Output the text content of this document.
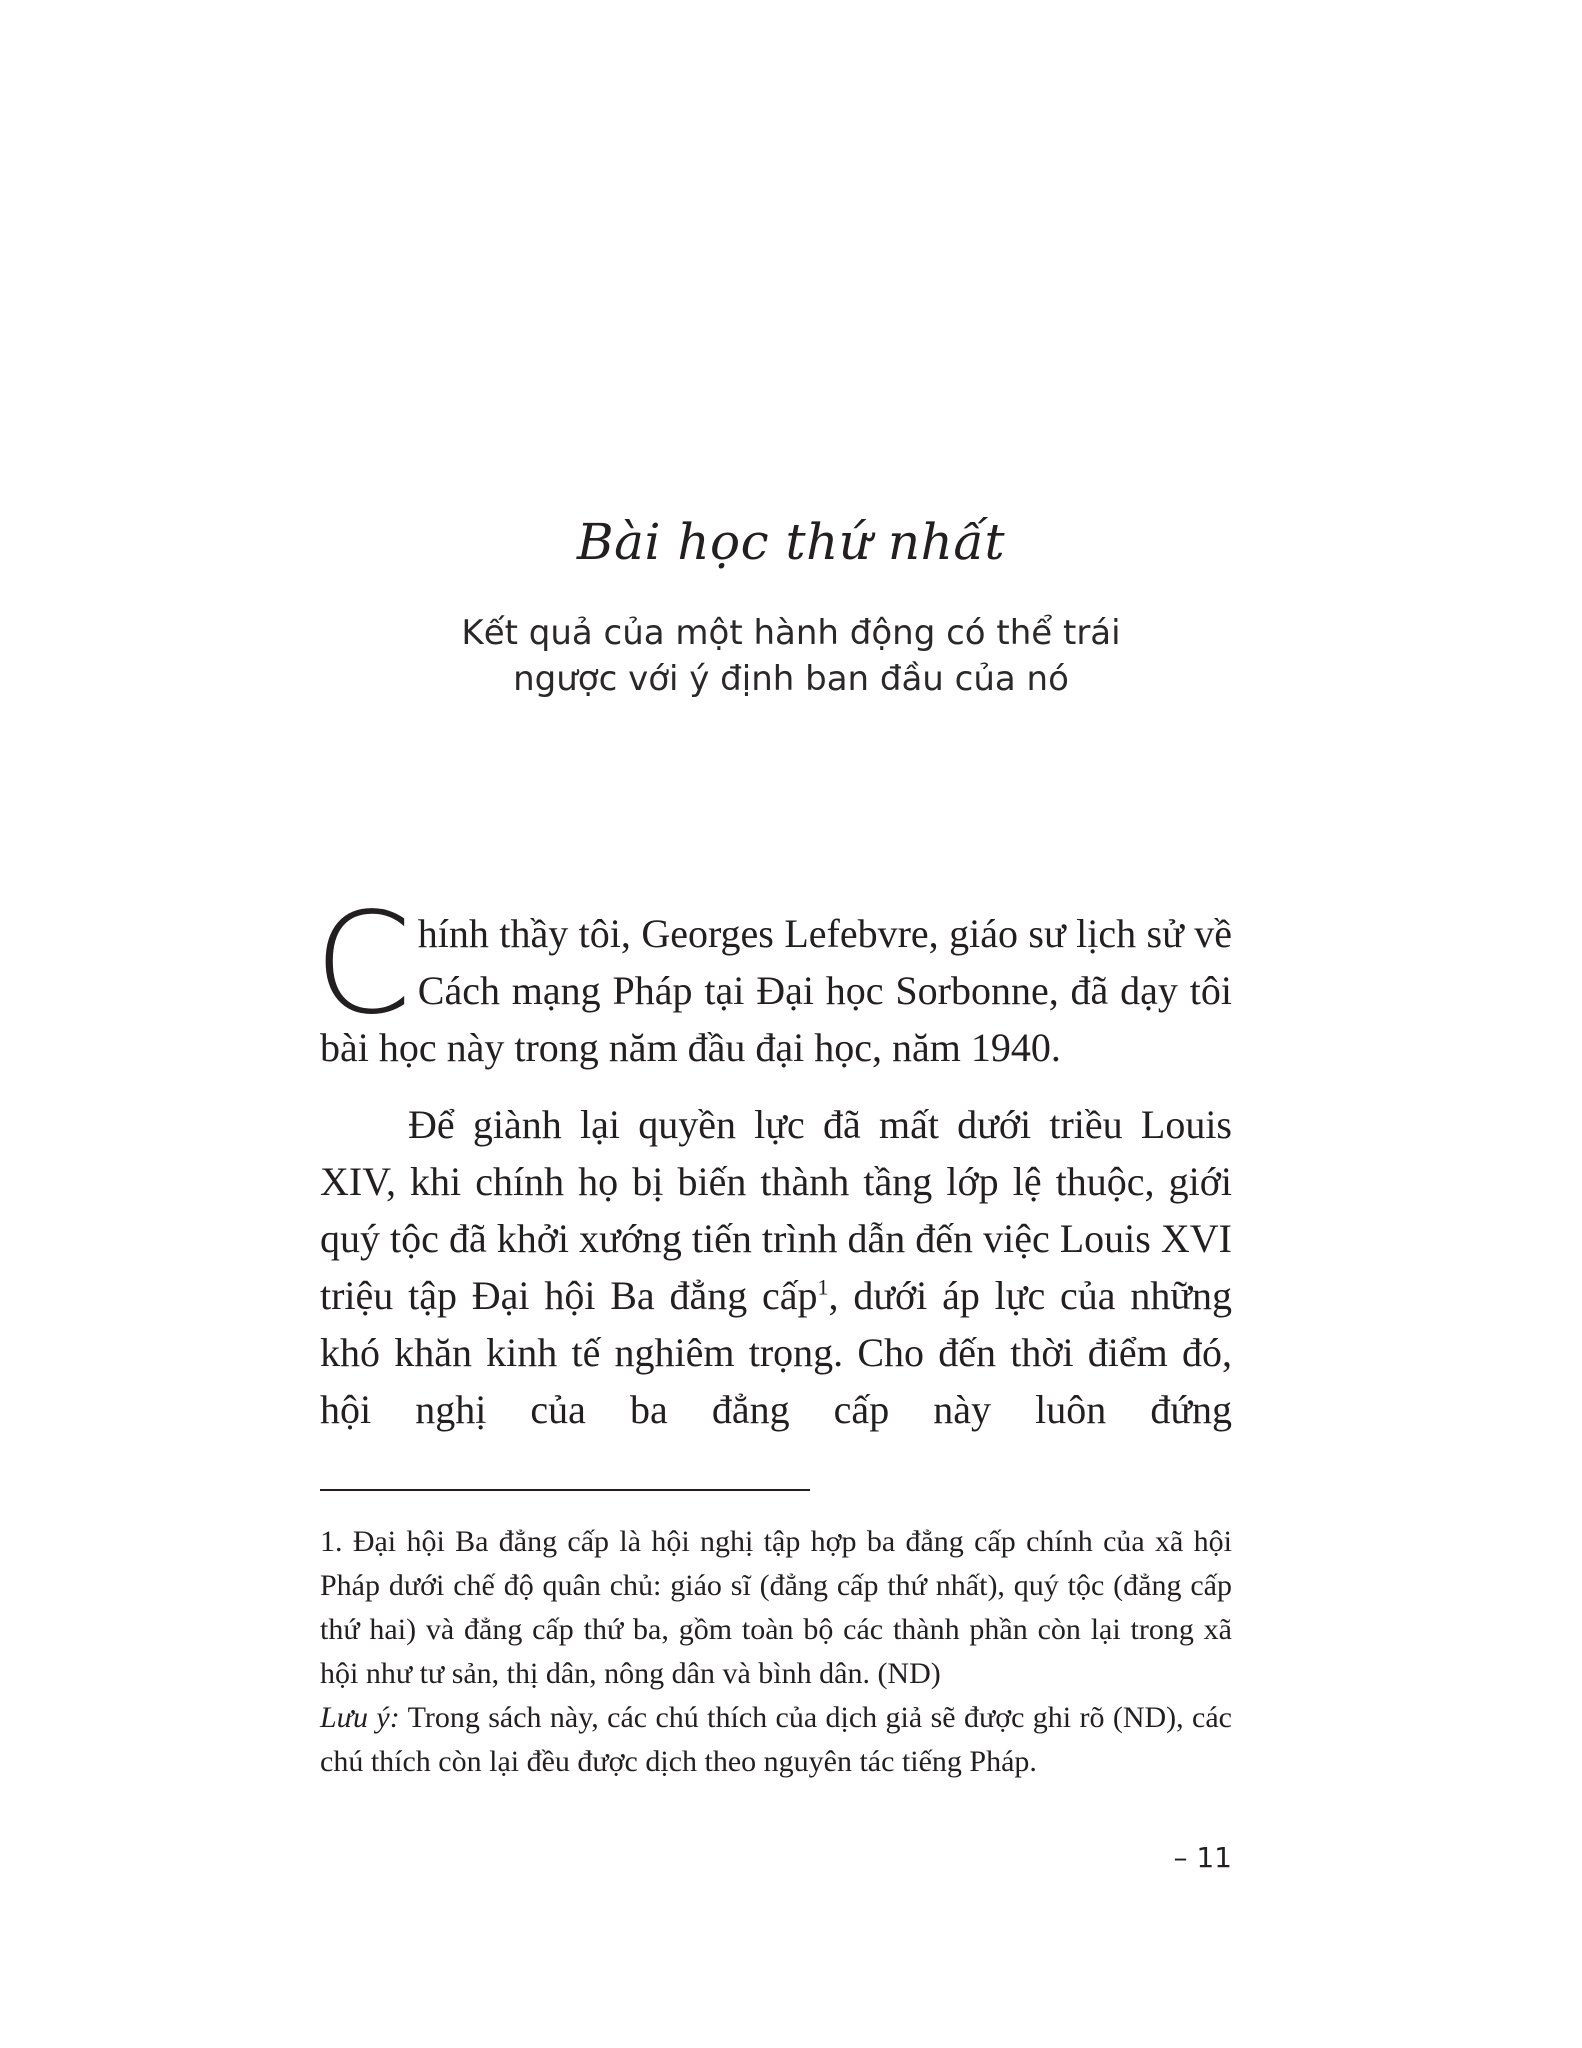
Bài học thứ nhất
Kết quả của một hành động có thể trái
ngược với ý định ban đầu của nó

Chính thầy tôi, Georges Lefebvre, giáo sư lịch sử về Cách mạng Pháp tại Đại học Sorbonne, đã dạy tôi bài học này trong năm đầu đại học, năm 1940.

Để giành lại quyền lực đã mất dưới triều Louis XIV, khi chính họ bị biến thành tầng lớp lệ thuộc, giới quý tộc đã khởi xướng tiến trình dẫn đến việc Louis XVI triệu tập Đại hội Ba đẳng cấp$^1$, dưới áp lực của những khó khăn kinh tế nghiêm trọng. Cho đến thời điểm đó, hội nghị của ba đẳng cấp này luôn đứng

1. Đại hội Ba đẳng cấp là hội nghị tập hợp ba đẳng cấp chính của xã hội Pháp dưới chế độ quân chủ: giáo sĩ (đẳng cấp thứ nhất), quý tộc (đẳng cấp thứ hai) và đẳng cấp thứ ba, gồm toàn bộ các thành phần còn lại trong xã hội như tư sản, thị dân, nông dân và bình dân. (ND)

Lưu ý: Trong sách này, các chú thích của dịch giả sẽ được ghi rõ (ND), các chú thích còn lại đều được dịch theo nguyên tác tiếng Pháp.

– 11
